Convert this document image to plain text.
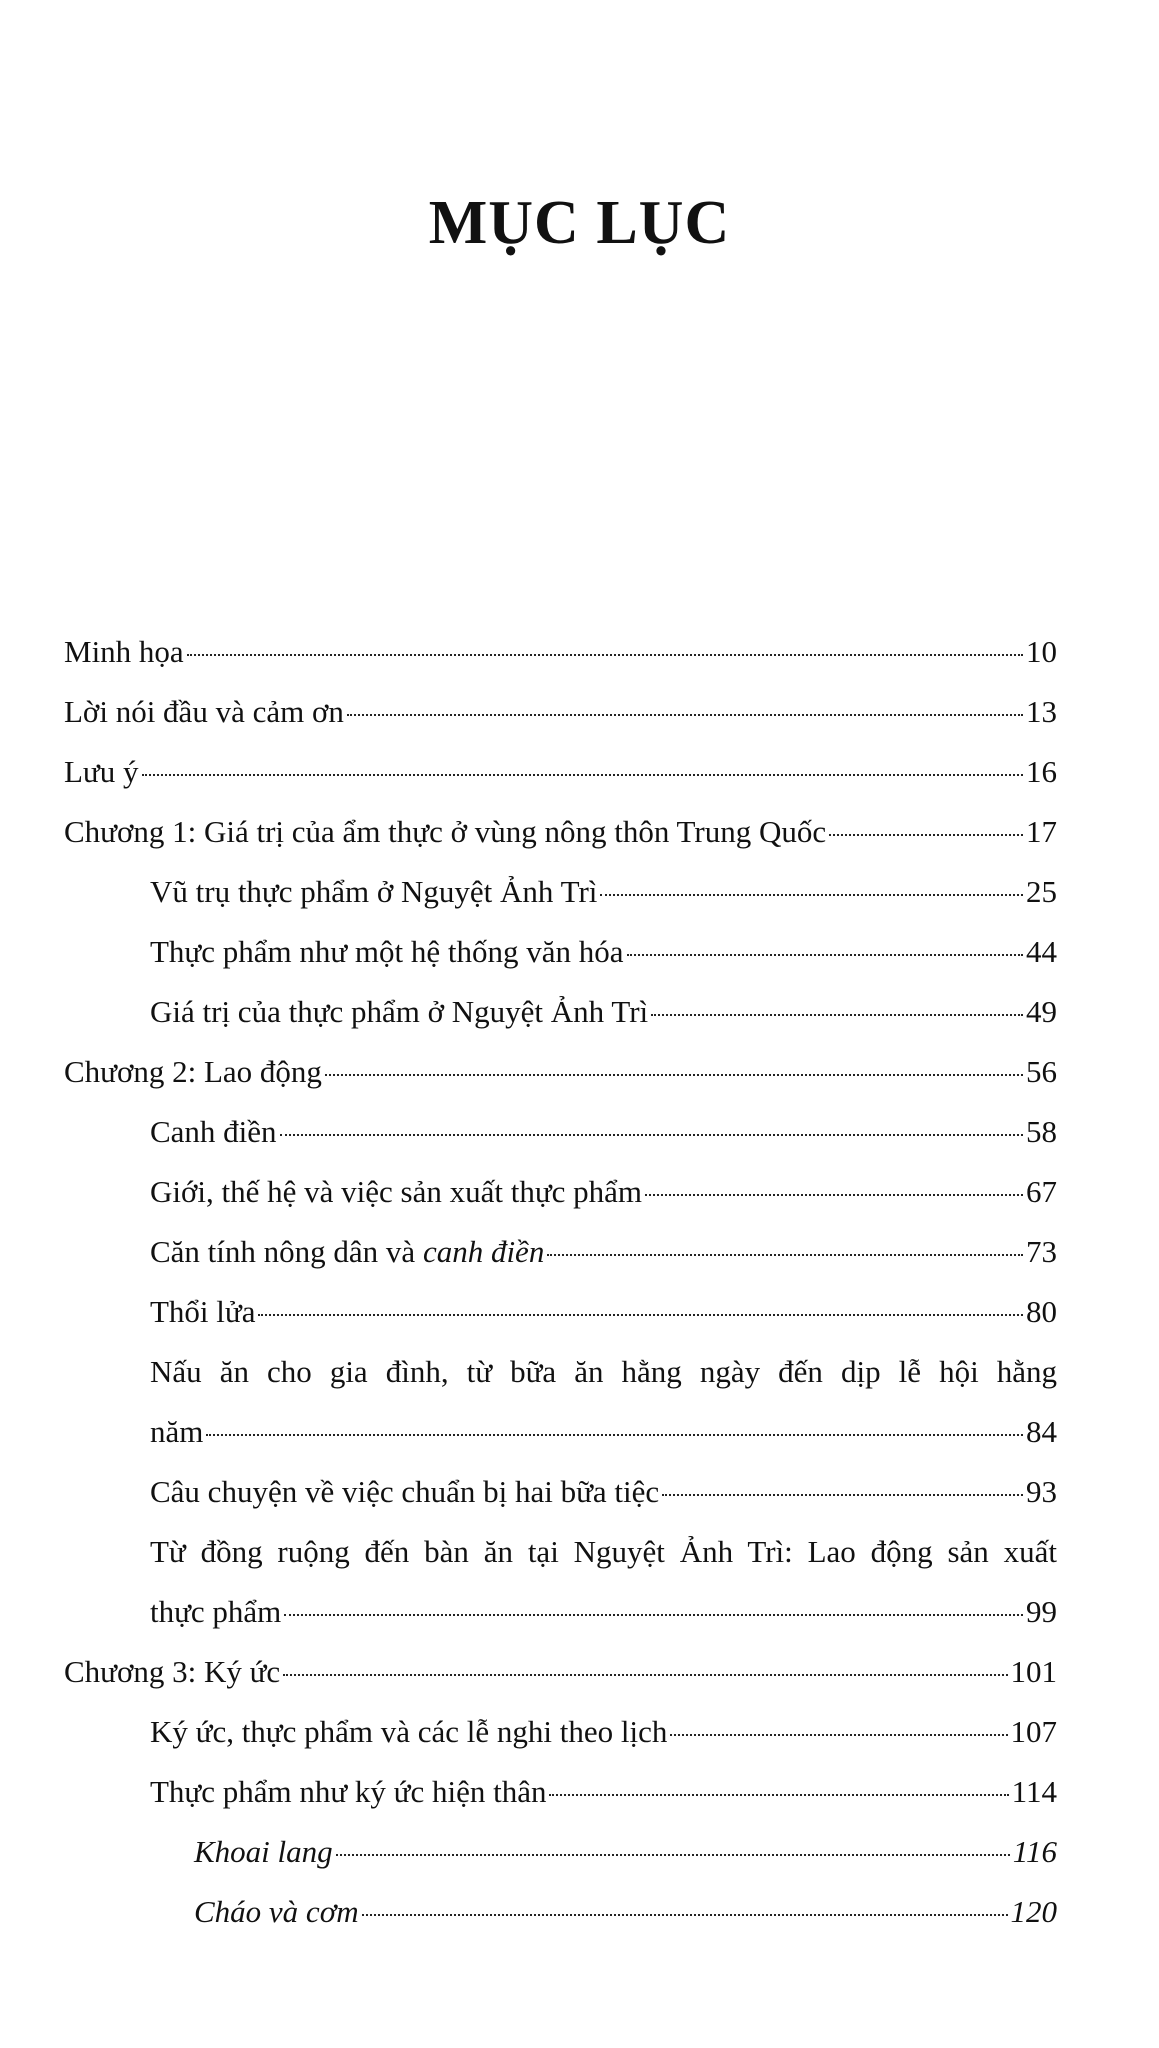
MỤC LỤC
Minh họa	10
Lời nói đầu và cảm ơn	13
Lưu ý	16
Chương 1: Giá trị của ẩm thực ở vùng nông thôn Trung Quốc	17
Vũ trụ thực phẩm ở Nguyệt Ảnh Trì	25
Thực phẩm như một hệ thống văn hóa	44
Giá trị của thực phẩm ở Nguyệt Ảnh Trì	49
Chương 2: Lao động	56
Canh điền	58
Giới, thế hệ và việc sản xuất thực phẩm	67
Căn tính nông dân và canh điền	73
Thổi lửa	80
Nấu ăn cho gia đình, từ bữa ăn hằng ngày đến dịp lễ hội hằng
năm	84
Câu chuyện về việc chuẩn bị hai bữa tiệc	93
Từ đồng ruộng đến bàn ăn tại Nguyệt Ảnh Trì: Lao động sản xuất
thực phẩm	99
Chương 3: Ký ức	101
Ký ức, thực phẩm và các lễ nghi theo lịch	107
Thực phẩm như ký ức hiện thân	114
Khoai lang	116
Cháo và cơm	120
